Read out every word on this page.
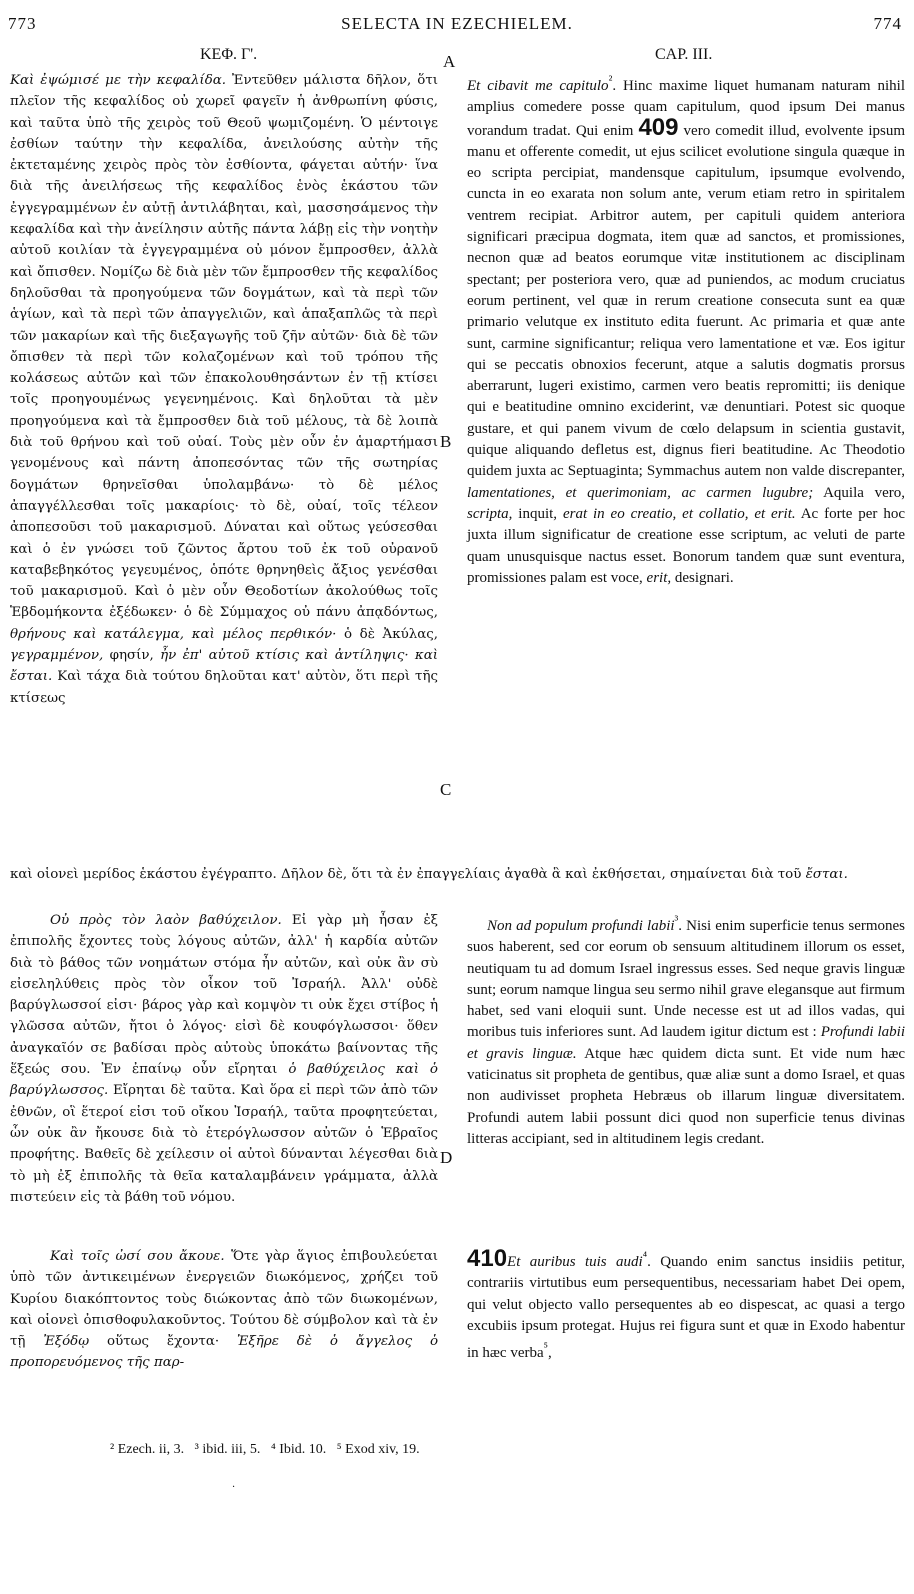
773	SELECTA IN EZECHIELEM.	774
ΚΕΦ. Γ'.	CAP. III.
A
B
C
D

Καὶ ἐψώμισέ με τὴν κεφαλίδα. Ἐντεῦθεν μάλιστα δῆλον, ὅτι πλεῖον τῆς κεφαλίδος οὐ χωρεῖ φαγεῖν ἡ ἀνθρωπίνη φύσις, καὶ ταῦτα ὑπὸ τῆς χειρὸς τοῦ Θεοῦ ψωμιζομένη. Ὁ μέντοιγε ἐσθίων ταύτην τὴν κεφαλίδα, ἀνειλούσης αὐτὴν τῆς ἐκτεταμένης χειρὸς πρὸς τὸν ἐσθίοντα, φάγεται αὐτήν· ἵνα διὰ τῆς ἀνειλήσεως τῆς κεφαλίδος ἑνὸς ἑκάστου τῶν ἐγγεγραμμένων ἐν αὐτῇ ἀντιλάβηται, καὶ, μασσησάμενος τὴν κεφαλίδα καὶ τὴν ἀνείλησιν αὐτῆς πάντα λάβῃ εἰς τὴν νοητὴν αὐτοῦ κοιλίαν τὰ ἐγγεγραμμένα οὐ μόνον ἔμπροσθεν, ἀλλὰ καὶ ὄπισθεν. Νομίζω δὲ διὰ μὲν τῶν ἔμπροσθεν τῆς κεφαλίδος δηλοῦσθαι τὰ προηγούμενα τῶν δογμάτων, καὶ τὰ περὶ τῶν ἁγίων, καὶ τὰ περὶ τῶν ἀπαγγελιῶν, καὶ ἁπαξαπλῶς τὰ περὶ τῶν μακαρίων καὶ τῆς διεξαγωγῆς τοῦ ζῆν αὐτῶν· διὰ δὲ τῶν ὄπισθεν τὰ περὶ τῶν κολαζομένων καὶ τοῦ τρόπου τῆς κολάσεως αὐτῶν καὶ τῶν ἐπακολουθησάντων ἐν τῇ κτίσει τοῖς προηγουμένως γεγενημένοις. Καὶ δηλοῦται τὰ μὲν προηγούμενα καὶ τὰ ἔμπροσθεν διὰ τοῦ μέλους, τὰ δὲ λοιπὰ διὰ τοῦ θρήνου καὶ τοῦ οὐαί. Τοὺς μὲν οὖν ἐν ἁμαρτήμασι γενομένους καὶ πάντη ἀποπεσόντας τῶν τῆς σωτηρίας δογμάτων θρηνεῖσθαι ὑπολαμβάνω· τὸ δὲ μέλος ἀπαγγέλλεσθαι τοῖς μακαρίοις· τὸ δὲ, οὐαί, τοῖς τέλεον ἀποπεσοῦσι τοῦ μακαρισμοῦ. Δύναται καὶ οὕτως γεύσεσθαι καὶ ὁ ἐν γνώσει τοῦ ζῶντος ἄρτου τοῦ ἐκ τοῦ οὐρανοῦ καταβεβηκότος γεγευμένος, ὁπότε θρηνηθεὶς ἄξιος γενέσθαι τοῦ μακαρισμοῦ. Καὶ ὁ μὲν οὖν Θεοδοτίων ἀκολούθως τοῖς Ἑβδομήκοντα ἐξέδωκεν· ὁ δὲ Σύμμαχος οὐ πάνυ ἀπᾳδόντως, θρήνους καὶ κατάλεγμα, καὶ μέλος περθικόν· ὁ δὲ Ἀκύλας, γεγραμμένον, φησίν, ἦν ἐπ' αὐτοῦ κτίσις καὶ ἀντίληψις· καὶ ἔσται. Καὶ τάχα διὰ τούτου δηλοῦται κατ' αὐτὸν, ὅτι περὶ τῆς κτίσεως

Et cibavit me capitulo$^{^2}$. Hinc maxime liquet humanam naturam nihil amplius comedere posse quam capitulum, quod ipsum Dei manus vorandum tradat. Qui enim 409 vero comedit illud, evolvente ipsum manu et offerente comedit, ut ejus scilicet evolutione singula quæque in eo scripta percipiat, mandensque capitulum, ipsumque evolvendo, cuncta in eo exarata non solum ante, verum etiam retro in spiritalem ventrem recipiat. Arbitror autem, per capituli quidem anteriora significari præcipua dogmata, item quæ ad sanctos, et promissiones, necnon quæ ad beatos eorumque vitæ institutionem ac disciplinam spectant; per posteriora vero, quæ ad puniendos, ac modum cruciatus eorum pertinent, vel quæ in rerum creatione consecuta sunt ea quæ primario velutque ex instituto edita fuerunt. Ac primaria et quæ ante sunt, carmine significantur; reliqua vero lamentatione et væ. Eos igitur qui se peccatis obnoxios fecerunt, atque a salutis dogmatis prorsus aberrarunt, lugeri existimo, carmen vero beatis repromitti; iis denique qui e beatitudine omnino exciderint, væ denuntiari. Potest sic quoque gustare, et qui panem vivum de cœlo delapsum in scientia gustavit, quique aliquando defletus est, dignus fieri beatitudine. Ac Theodotio quidem juxta ac Septuaginta; Symmachus autem non valde discrepanter, lamentationes, et querimoniam, ac carmen lugubre; Aquila vero, scripta, inquit, erat in eo creatio, et collatio, et erit. Ac forte per hoc juxta illum significatur de creatione esse scriptum, ac veluti de parte quam unusquisque nactus esset. Bonorum tandem quæ sunt eventura, promissiones palam est voce, erit, designari.

καὶ οἱονεὶ μερίδος ἑκάστου ἐγέγραπτο. Δῆλον δὲ, ὅτι τὰ ἐν ἐπαγγελίαις ἀγαθὰ ἃ καὶ ἐκθήσεται, σημαίνεται διὰ τοῦ ἔσται.

Οὐ πρὸς τὸν λαὸν βαθύχειλον. Εἰ γὰρ μὴ ἦσαν ἐξ ἐπιπολῆς ἔχοντες τοὺς λόγους αὐτῶν, ἀλλ' ἡ καρδία αὐτῶν διὰ τὸ βάθος τῶν νοημάτων στόμα ἦν αὐτῶν, καὶ οὐκ ἂν σὺ εἰσεληλύθεις πρὸς τὸν οἶκον τοῦ Ἰσραήλ. Ἀλλ' οὐδὲ βαρύγλωσσοί εἰσι· βάρος γὰρ καὶ κομψὸν τι οὐκ ἔχει στίβος ἡ γλῶσσα αὐτῶν, ἤτοι ὁ λόγος· εἰσὶ δὲ κουφόγλωσσοι· ὅθεν ἀναγκαῖόν σε βαδίσαι πρὸς αὐτοὺς ὑποκάτω βαίνοντας τῆς ἕξεώς σου. Ἐν ἐπαίνῳ οὖν εἴρηται ὁ βαθύχειλος καὶ ὁ βαρύγλωσσος. Εἴρηται δὲ ταῦτα. Καὶ ὅρα εἰ περὶ τῶν ἀπὸ τῶν ἐθνῶν, οἳ ἕτεροί εἰσι τοῦ οἴκου Ἰσραήλ, ταῦτα προφητεύεται, ὧν οὐκ ἂν ἤκουσε διὰ τὸ ἑτερόγλωσσον αὐτῶν ὁ Ἑβραῖος προφήτης. Βαθεῖς δὲ χείλεσιν οἱ αὐτοὶ δύνανται λέγεσθαι διὰ τὸ μὴ ἐξ ἐπιπολῆς τὰ θεῖα καταλαμβάνειν γράμματα, ἀλλὰ πιστεύειν εἰς τὰ βάθη τοῦ νόμου.

Non ad populum profundi labii$^{^3}$. Nisi enim superficie tenus sermones suos haberent, sed cor eorum ob sensuum altitudinem illorum os esset, neutiquam tu ad domum Israel ingressus esses. Sed neque gravis linguæ sunt; eorum namque lingua seu sermo nihil grave elegansque aut firmum habet, sed vani eloquii sunt. Unde necesse est ut ad illos vadas, qui moribus tuis inferiores sunt. Ad laudem igitur dictum est : Profundi labii et gravis linguæ. Atque hæc quidem dicta sunt. Et vide num hæc vaticinatus sit propheta de gentibus, quæ aliæ sunt a domo Israel, et quas non audivisset propheta Hebræus ob illarum linguæ diversitatem. Profundi autem labii possunt dici quod non superficie tenus divinas litteras accipiant, sed in altitudinem legis credant.

Καὶ τοῖς ὠσί σου ἄκουε. Ὅτε γὰρ ἅγιος ἐπιβουλεύεται ὑπὸ τῶν ἀντικειμένων ἐνεργειῶν διωκόμενος, χρήζει τοῦ Κυρίου διακόπτοντος τοὺς διώκοντας ἀπὸ τῶν διωκομένων, καὶ οἱονεὶ ὀπισθοφυλακοῦντος. Τούτου δὲ σύμβολον καὶ τὰ ἐν τῇ Ἐξόδῳ οὕτως ἔχοντα· Ἐξῆρε δὲ ὁ ἄγγελος ὁ προπορευόμενος τῆς παρ-

410Et auribus tuis audi$^{^4}$. Quando enim sanctus insidiis petitur, contrariis virtutibus eum persequentibus, necessariam habet Dei opem, qui velut objecto vallo persequentes ab eo dispescat, ac quasi a tergo excubiis ipsum protegat. Hujus rei figura sunt et quæ in Exodo habentur in hæc verba$^{^5}$,

² Ezech. ii, 3. ³ ibid. iii, 5. ⁴ Ibid. 10. ⁵ Exod xiv, 19.
·
